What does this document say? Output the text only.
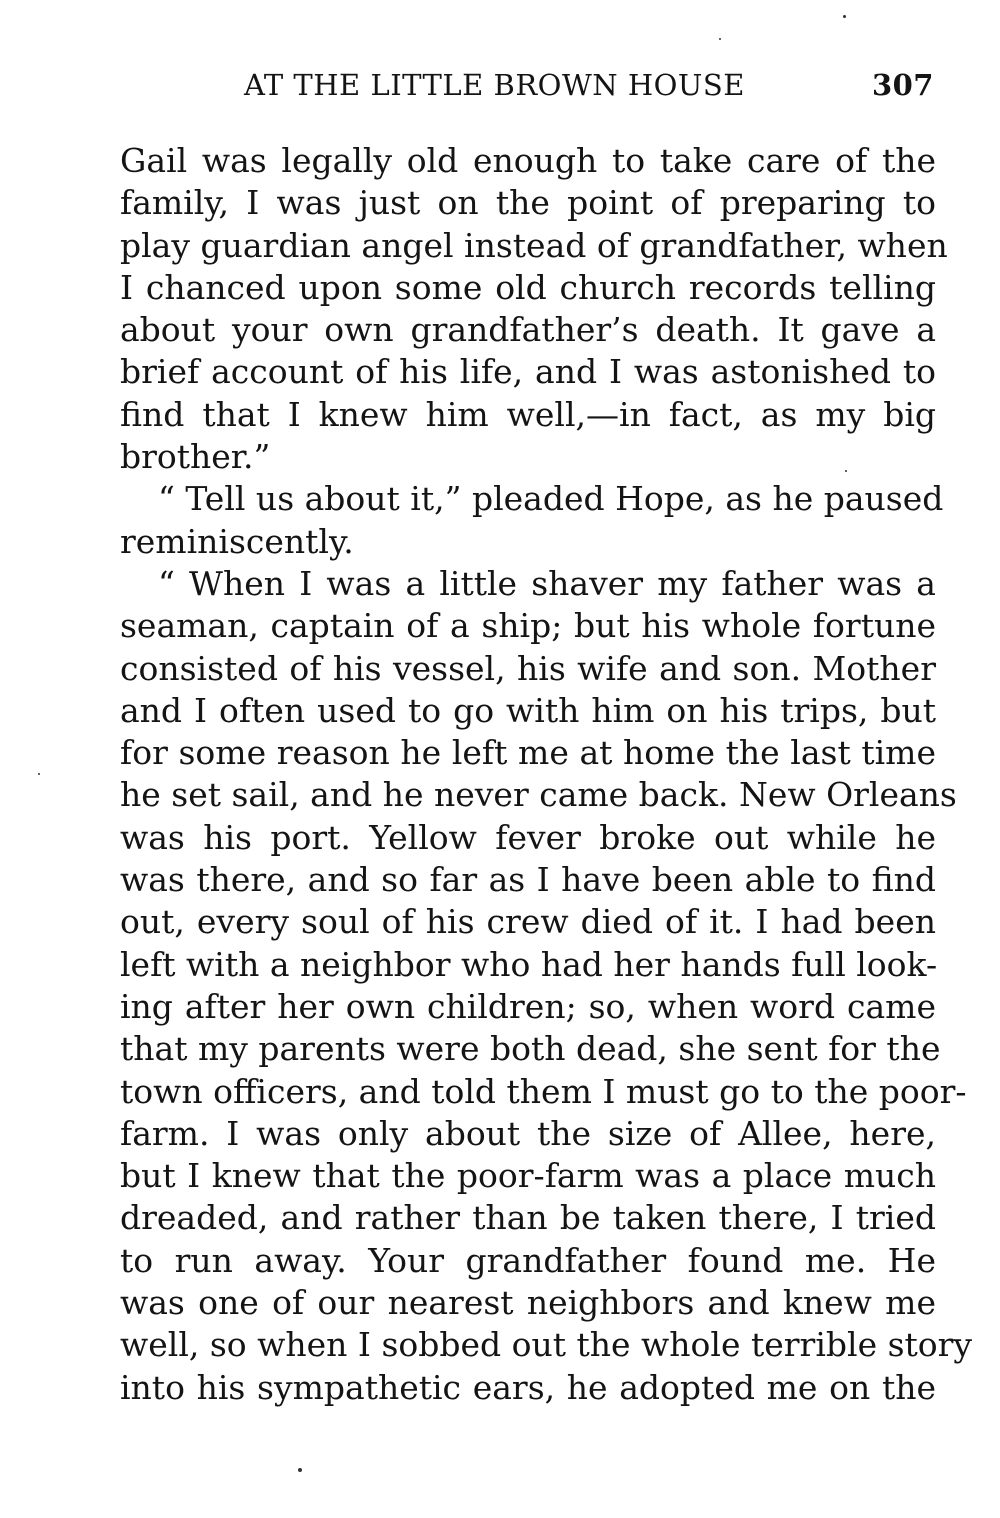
AT THE LITTLE BROWN HOUSE	307
Gail was legally old enough to take care of the
family, I was just on the point of preparing to
play guardian angel instead of grandfather, when
I chanced upon some old church records telling
about your own grandfather’s death. It gave a
brief account of his life, and I was astonished to
find that I knew him well,—in fact, as my big
brother.”
“ Tell us about it,” pleaded Hope, as he paused
reminiscently.
“ When I was a little shaver my father was a
seaman, captain of a ship; but his whole fortune
consisted of his vessel, his wife and son. Mother
and I often used to go with him on his trips, but
for some reason he left me at home the last time
he set sail, and he never came back. New Orleans
was his port. Yellow fever broke out while he
was there, and so far as I have been able to find
out, every soul of his crew died of it. I had been
left with a neighbor who had her hands full look-
ing after her own children; so, when word came
that my parents were both dead, she sent for the
town officers, and told them I must go to the poor-
farm. I was only about the size of Allee, here,
but I knew that the poor-farm was a place much
dreaded, and rather than be taken there, I tried
to run away. Your grandfather found me. He
was one of our nearest neighbors and knew me
well, so when I sobbed out the whole terrible story
into his sympathetic ears, he adopted me on the
